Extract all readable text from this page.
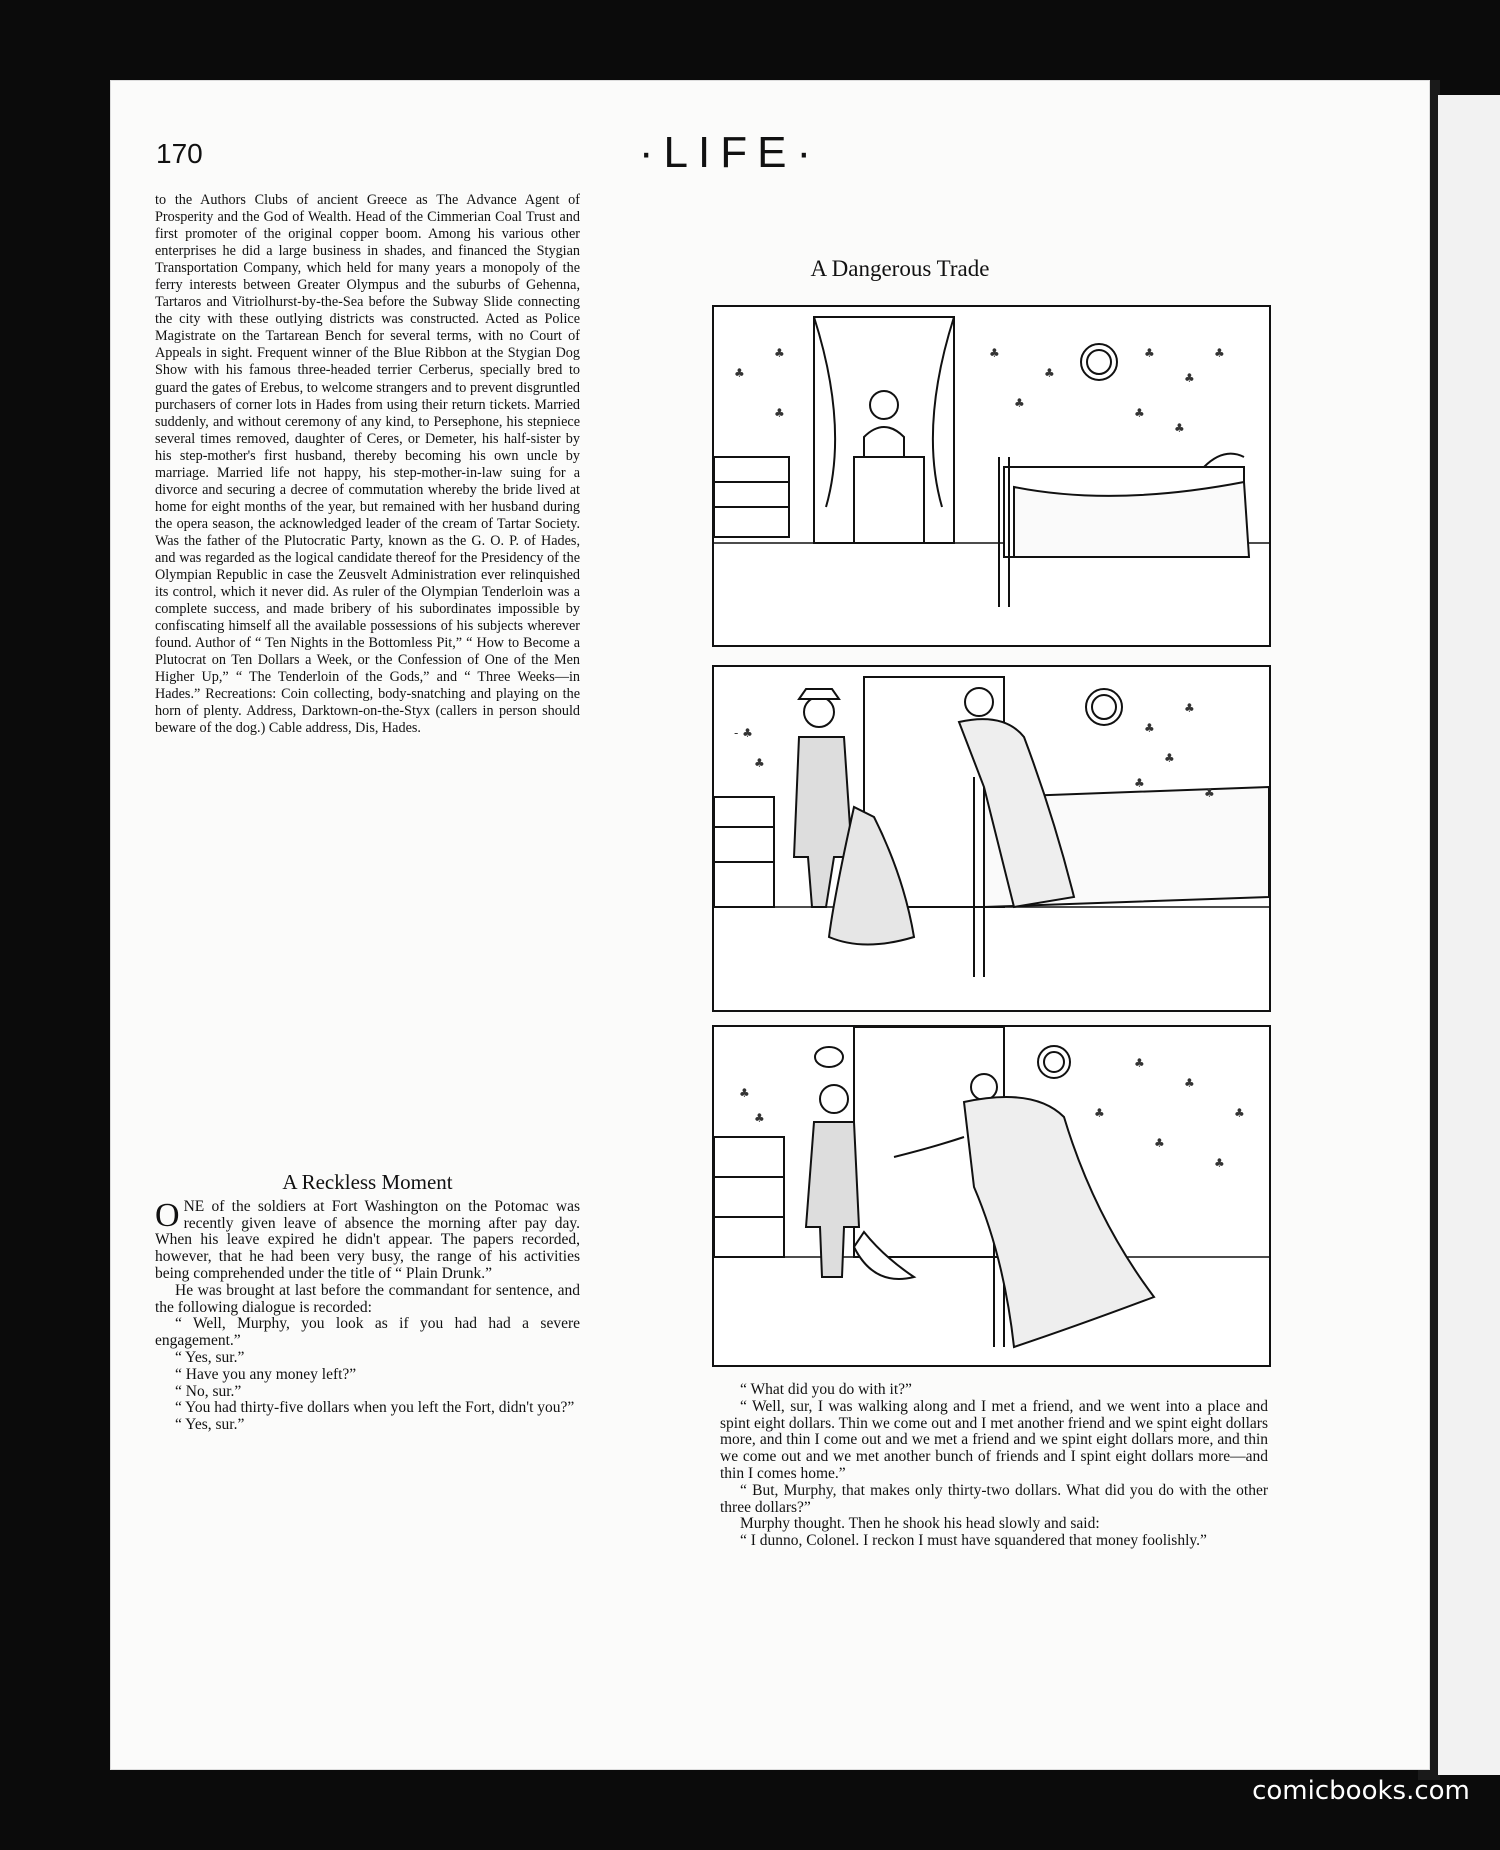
170	·LIFE·

to the Authors Clubs of ancient Greece as The Advance Agent of Prosperity and the God of Wealth. Head of the Cimmerian Coal Trust and first promoter of the original copper boom. Among his various other enterprises he did a large business in shades, and financed the Stygian Transportation Company, which held for many years a monopoly of the ferry interests between Greater Olympus and the suburbs of Gehenna, Tartaros and Vitriolhurst-by-the-Sea before the Subway Slide connecting the city with these outlying districts was constructed. Acted as Police Magistrate on the Tartarean Bench for several terms, with no Court of Appeals in sight. Frequent winner of the Blue Ribbon at the Stygian Dog Show with his famous three-headed terrier Cerberus, specially bred to guard the gates of Erebus, to welcome strangers and to prevent disgruntled purchasers of corner lots in Hades from using their return tickets. Married suddenly, and without ceremony of any kind, to Persephone, his stepniece several times removed, daughter of Ceres, or Demeter, his half-sister by his step-mother's first husband, thereby becoming his own uncle by marriage. Married life not happy, his step-mother-in-law suing for a divorce and securing a decree of commutation whereby the bride lived at home for eight months of the year, but remained with her husband during the opera season, the acknowledged leader of the cream of Tartar Society. Was the father of the Plutocratic Party, known as the G. O. P. of Hades, and was regarded as the logical candidate thereof for the Presidency of the Olympian Republic in case the Zeusvelt Administration ever relinquished its control, which it never did. As ruler of the Olympian Tenderloin was a complete success, and made bribery of his subordinates impossible by confiscating himself all the available possessions of his subjects wherever found. Author of “ Ten Nights in the Bottomless Pit,” “ How to Become a Plutocrat on Ten Dollars a Week, or the Confession of One of the Men Higher Up,” “ The Tenderloin of the Gods,” and “ Three Weeks—in Hades.” Recreations: Coin collecting, body-snatching and playing on the horn of plenty. Address, Darktown-on-the-Styx (callers in person should beware of the dog.) Cable address, Dis, Hades.

A Reckless Moment

ONE of the soldiers at Fort Washington on the Potomac was recently given leave of absence the morning after pay day. When his leave expired he didn't appear. The papers recorded, however, that he had been very busy, the range of his activities being comprehended under the title of “ Plain Drunk.”

He was brought at last before the commandant for sentence, and the following dialogue is recorded:

“ Well, Murphy, you look as if you had had a severe engagement.”

“ Yes, sur.”

“ Have you any money left?”

“ No, sur.”

“ You had thirty-five dollars when you left the Fort, didn't you?”

“ Yes, sur.”

A Dangerous Trade
♣
♣
♣
♣
♣
♣
♣
♣
♣
♣
♣
- ♣
♣
♣
♣
♣
♣
♣
♣
♣
♣
♣
♣	♣
♣
♣

“ What did you do with it?”

“ Well, sur, I was walking along and I met a friend, and we went into a place and spint eight dollars. Thin we come out and I met another friend and we spint eight dollars more, and thin I come out and we met a friend and we spint eight dollars more, and thin we come out and we met another bunch of friends and I spint eight dollars more—and thin I comes home.”

“ But, Murphy, that makes only thirty-two dollars. What did you do with the other three dollars?”

Murphy thought. Then he shook his head slowly and said:

“ I dunno, Colonel. I reckon I must have squandered that money foolishly.”

comicbooks.com
